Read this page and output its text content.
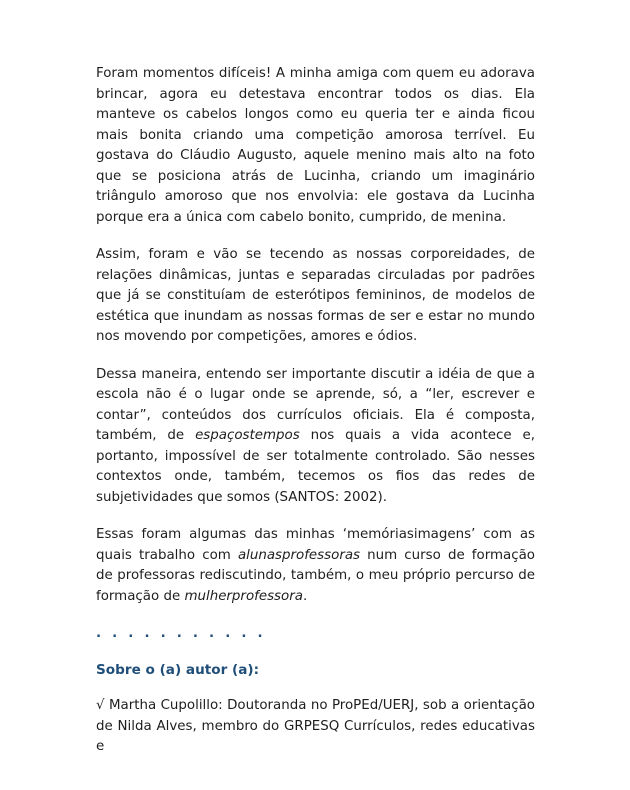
Foram momentos difíceis! A minha amiga com quem eu adorava brincar, agora eu detestava encontrar todos os dias. Ela manteve os cabelos longos como eu queria ter e ainda ficou mais bonita criando uma competição amorosa terrível. Eu gostava do Cláudio Augusto, aquele menino mais alto na foto que se posiciona atrás de Lucinha, criando um imaginário triângulo amoroso que nos envolvia: ele gostava da Lucinha porque era a única com cabelo bonito, cumprido, de menina.

Assim, foram e vão se tecendo as nossas corporeidades, de relações dinâmicas, juntas e separadas circuladas por padrões que já se constituíam de esterótipos femininos, de modelos de estética que inundam as nossas formas de ser e estar no mundo nos movendo por competições, amores e ódios.

Dessa maneira, entendo ser importante discutir a idéia de que a escola não é o lugar onde se aprende, só, a “ler, escrever e contar”, conteúdos dos currículos oficiais. Ela é composta, também, de espaçostempos nos quais a vida acontece e, portanto, impossível de ser totalmente controlado. São nesses contextos onde, também, tecemos os fios das redes de subjetividades que somos (SANTOS: 2002).

Essas foram algumas das minhas ‘memóriasimagens’ com as quais trabalho com alunasprofessoras num curso de formação de professoras rediscutindo, também, o meu próprio percurso de formação de mulherprofessora.

. . . . . . . . . . .
Sobre o (a) autor (a):

√ Martha Cupolillo: Doutoranda no ProPEd/UERJ, sob a orientação de Nilda Alves, membro do GRPESQ Currículos, redes educativas e
